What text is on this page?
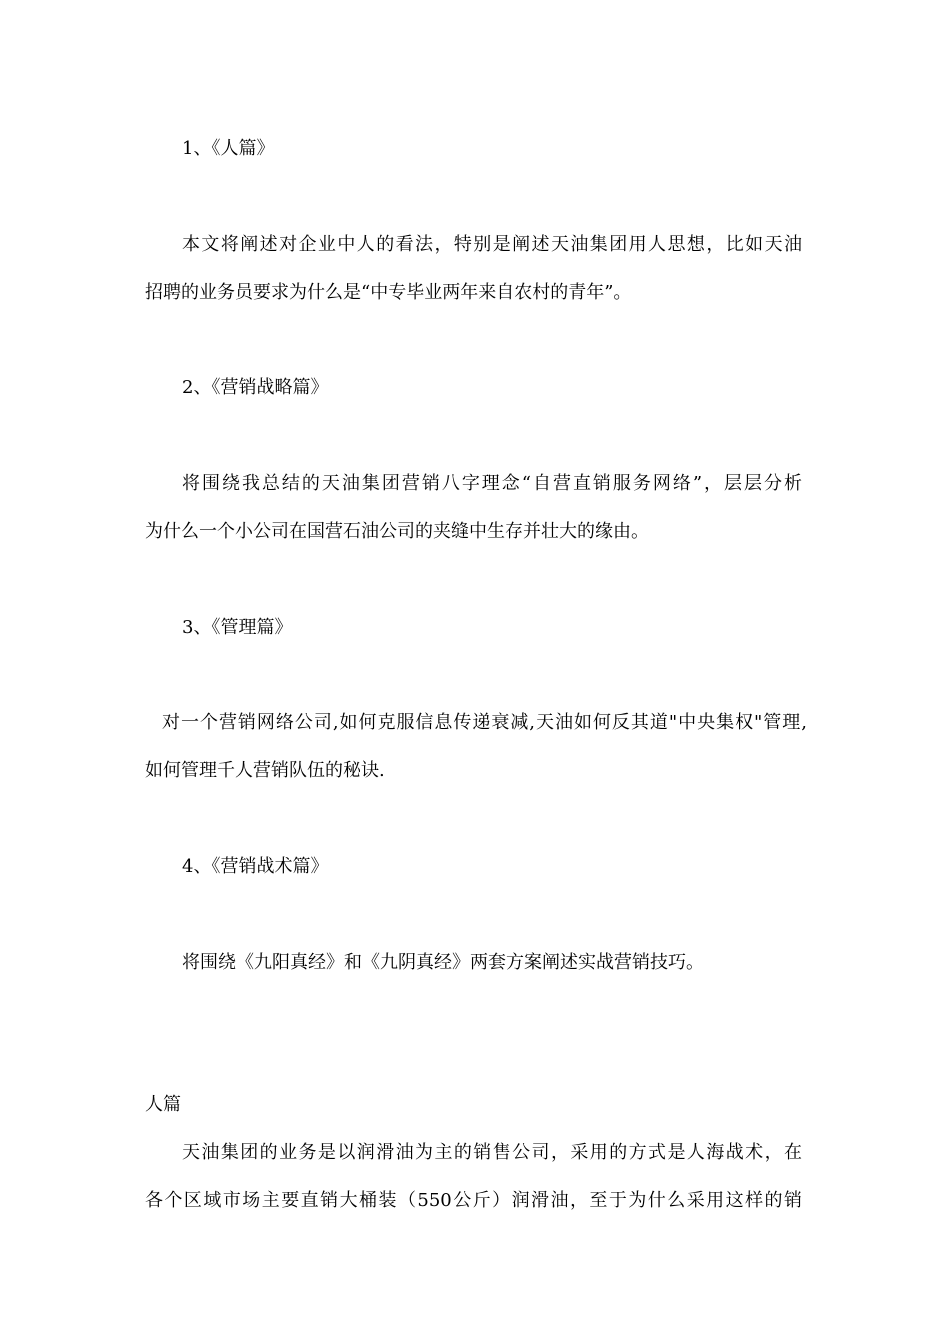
1、《人篇》
本文将阐述对企业中人的看法，特别是阐述天油集团用人思想，比如天油
招聘的业务员要求为什么是“中专毕业两年来自农村的青年”。
2、《营销战略篇》
将围绕我总结的天油集团营销八字理念“自营直销服务网络”，层层分析
为什么一个小公司在国营石油公司的夹缝中生存并壮大的缘由。
3、《管理篇》
对一个营销网络公司,如何克服信息传递衰减,天油如何反其道"中央集权"管理,
如何管理千人营销队伍的秘诀.
4、《营销战术篇》
将围绕《九阳真经》和《九阴真经》两套方案阐述实战营销技巧。
人篇
天油集团的业务是以润滑油为主的销售公司，采用的方式是人海战术，在
各个区域市场主要直销大桶装（550公斤）润滑油，至于为什么采用这样的销
